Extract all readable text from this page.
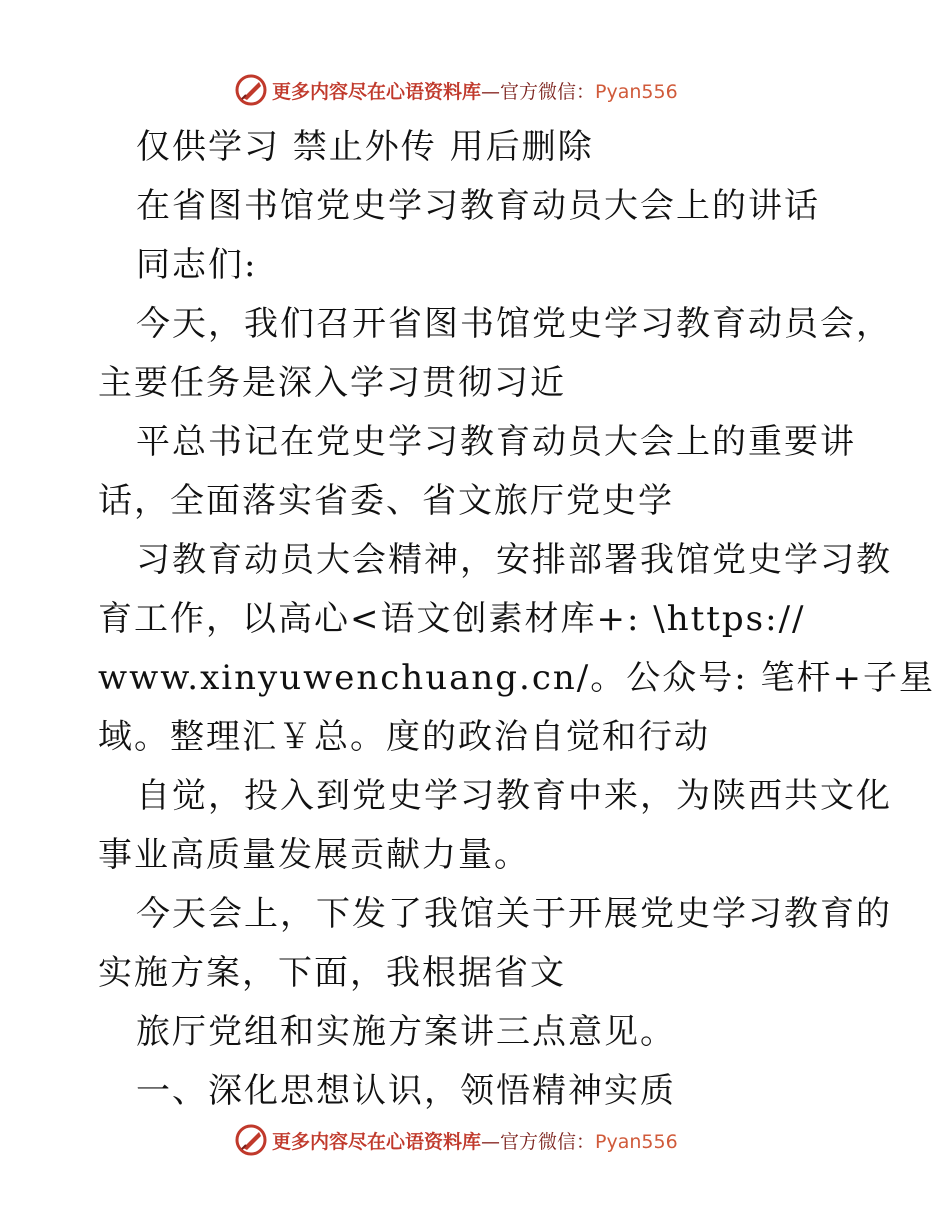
更多内容尽在心语资料库—官方微信：Pyan556
仅供学习 禁止外传 用后删除
在省图书馆党史学习教育动员大会上的讲话
同志们:
今天，我们召开省图书馆党史学习教育动员会，
主要任务是深入学习贯彻习近
平总书记在党史学习教育动员大会上的重要讲
话，全面落实省委、省文旅厅党史学
习教育动员大会精神，安排部署我馆党史学习教
育工作，以高心<语文创素材库+: \https://
www.xinyuwenchuang.cn/。公众号: 笔杆+子星
域。整理汇￥总。度的政治自觉和行动
自觉，投入到党史学习教育中来，为陕西共文化
事业高质量发展贡献力量。
今天会上，下发了我馆关于开展党史学习教育的
实施方案，下面，我根据省文
旅厅党组和实施方案讲三点意见。
一、深化思想认识，领悟精神实质
更多内容尽在心语资料库—官方微信：Pyan556
